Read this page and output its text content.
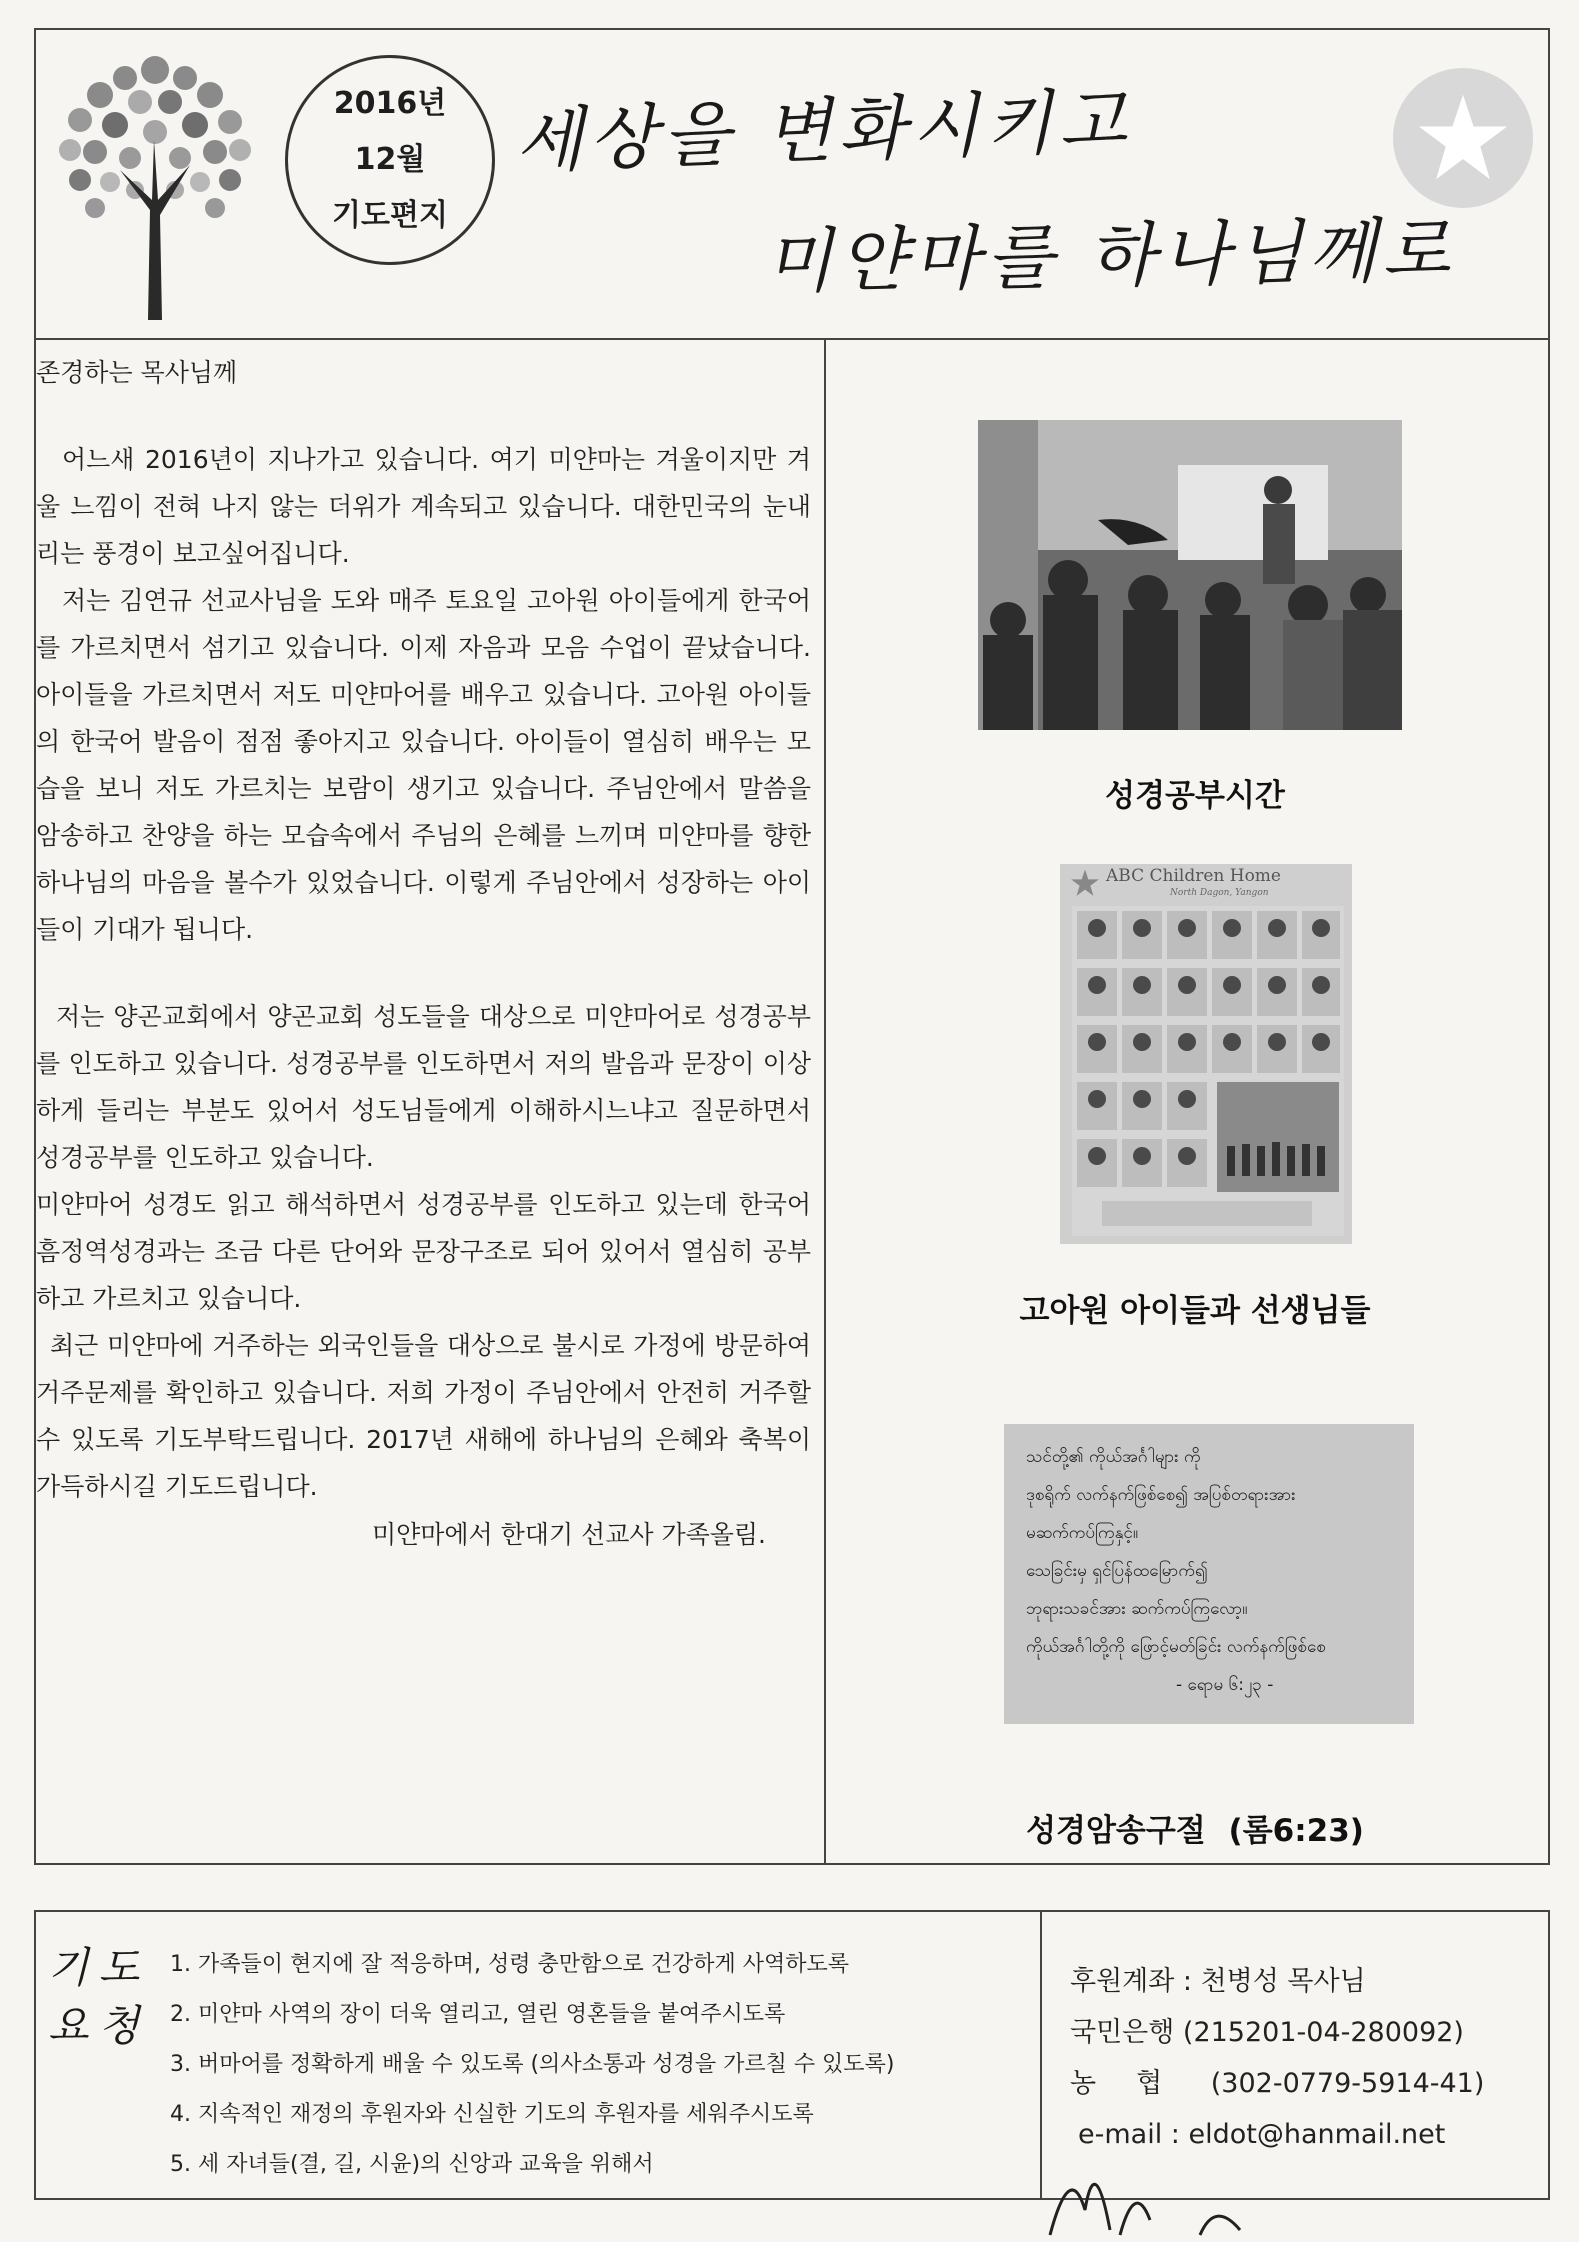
2016년
12월
기도편지
세상을 변화시키고
미얀마를 하나님께로
존경하는 목사님께

어느새 2016년이 지나가고 있습니다. 여기 미얀마는 겨울이지만 겨울 느낌이 전혀 나지 않는 더위가 계속되고 있습니다. 대한민국의 눈내리는 풍경이 보고싶어집니다.

저는 김연규 선교사님을 도와 매주 토요일 고아원 아이들에게 한국어를 가르치면서 섬기고 있습니다. 이제 자음과 모음 수업이 끝났습니다. 아이들을 가르치면서 저도 미얀마어를 배우고 있습니다. 고아원 아이들의 한국어 발음이 점점 좋아지고 있습니다. 아이들이 열심히 배우는 모습을 보니 저도 가르치는 보람이 생기고 있습니다. 주님안에서 말씀을 암송하고 찬양을 하는 모습속에서 주님의 은혜를 느끼며 미얀마를 향한 하나님의 마음을 볼수가 있었습니다. 이렇게 주님안에서 성장하는 아이들이 기대가 됩니다.

저는 양곤교회에서 양곤교회 성도들을 대상으로 미얀마어로 성경공부를 인도하고 있습니다. 성경공부를 인도하면서 저의 발음과 문장이 이상하게 들리는 부분도 있어서 성도님들에게 이해하시느냐고 질문하면서 성경공부를 인도하고 있습니다.

미얀마어 성경도 읽고 해석하면서 성경공부를 인도하고 있는데 한국어 흠정역성경과는 조금 다른 단어와 문장구조로 되어 있어서 열심히 공부하고 가르치고 있습니다.

최근 미얀마에 거주하는 외국인들을 대상으로 불시로 가정에 방문하여 거주문제를 확인하고 있습니다. 저희 가정이 주님안에서 안전히 거주할수 있도록 기도부탁드립니다. 2017년 새해에 하나님의 은혜와 축복이 가득하시길 기도드립니다.

미얀마에서 한대기 선교사 가족올림.
성경공부시간
ABC Children Home
North Dagon, Yangon
고아원 아이들과 선생님들
သင်တို့၏ ကိုယ်အင်္ဂါများ ကို
ဒုစရိုက် လက်နက်ဖြစ်စေ၍ အပြစ်တရားအား
မဆက်ကပ်ကြနှင့်။
သေခြင်းမှ ရှင်ပြန်ထမြောက်၍
ဘုရားသခင်အား ဆက်ကပ်ကြလော့။
ကိုယ်အင်္ဂါတို့ကို ဖြောင့်မတ်ခြင်း လက်နက်ဖြစ်စေ
- ရောမ ၆:၂၃ -
성경암송구절 (롬6:23)
기도
요청
1. 가족들이 현지에 잘 적응하며, 성령 충만함으로 건강하게 사역하도록
2. 미얀마 사역의 장이 더욱 열리고, 열린 영혼들을 붙여주시도록
3. 버마어를 정확하게 배울 수 있도록 (의사소통과 성경을 가르칠 수 있도록)
4. 지속적인 재정의 후원자와 신실한 기도의 후원자를 세워주시도록
5. 세 자녀들(결, 길, 시윤)의 신앙과 교육을 위해서
후원계좌 : 천병성 목사님
국민은행 (215201-04-280092)
농협 (302-0779-5914-41)
e-mail : eldot@hanmail.net
